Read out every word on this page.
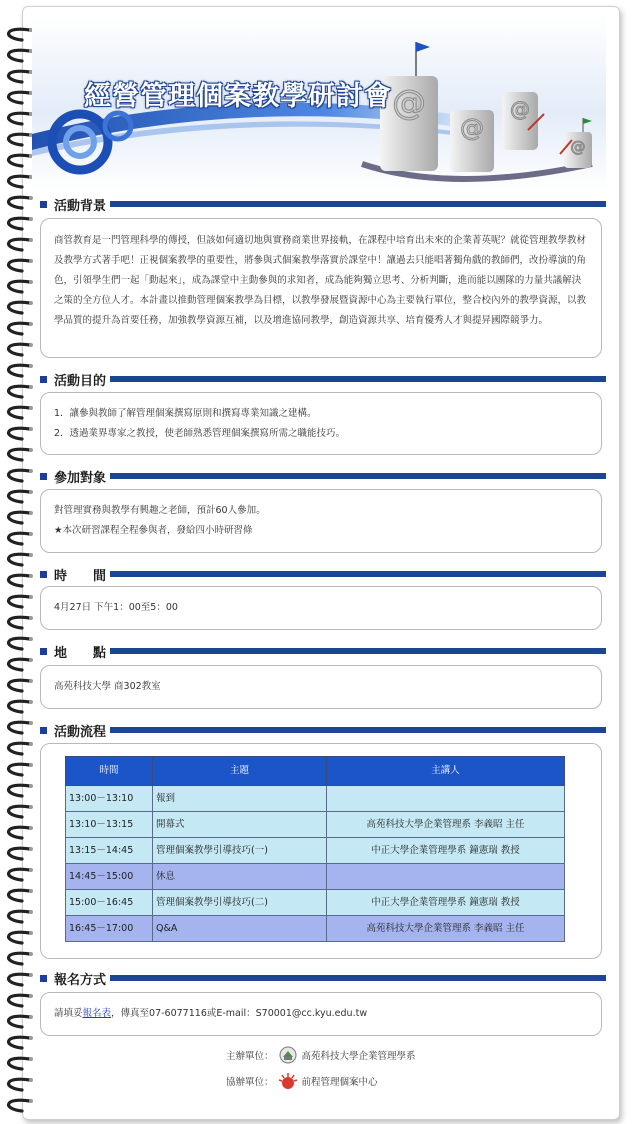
@
@
@
@
經營管理個案教學研討會
活動背景

商管教育是一門管理科學的傳授，但該如何適切地與實務商業世界接軌，在課程中培育出未來的企業菁英呢？就從管理教學教材及教學方式著手吧！正視個案教學的重要性，將參與式個案教學落實於課堂中！讓過去只能唱著獨角戲的教師們，改扮導演的角色，引領學生們一起「動起來」，成為課堂中主動參與的求知者，成為能夠獨立思考、分析判斷，進而能以團隊的力量共議解決之策的全方位人才。本計畫以推動管理個案教學為目標，以教學發展暨資源中心為主要執行單位，整合校內外的教學資源，以教學品質的提升為首要任務，加強教學資源互補，以及增進協同教學，創造資源共享、培育優秀人才與提昇國際競爭力。

活動目的

1．讓參與教師了解管理個案撰寫原則和撰寫專業知識之建構。

2．透過業界專家之教授，使老師熟悉管理個案撰寫所需之職能技巧。

參加對象

對管理實務與教學有興趣之老師，預計60人參加。

★本次研習課程全程參與者，發給四小時研習條

時　　間

4月27日 下午1：00至5：00

地　　點

高苑科技大學 商302教室

活動流程
時間	主題	主講人
13:00－13:10	報到	
13:10－13:15	開幕式	高苑科技大學企業管理系 李義昭 主任
13:15－14:45	管理個案教學引導技巧(一)	中正大學企業管理學系 鐘憲瑞 教授
14:45－15:00	休息	
15:00－16:45	管理個案教學引導技巧(二)	中正大學企業管理學系 鐘憲瑞 教授
16:45－17:00	Q&A	高苑科技大學企業管理系 李義昭 主任
報名方式

請填妥報名表，傳真至07-6077116或E-mail：S70001@cc.kyu.edu.tw

主辦單位：	高苑科技大學企業管理學系
協辦單位：	前程管理個案中心
